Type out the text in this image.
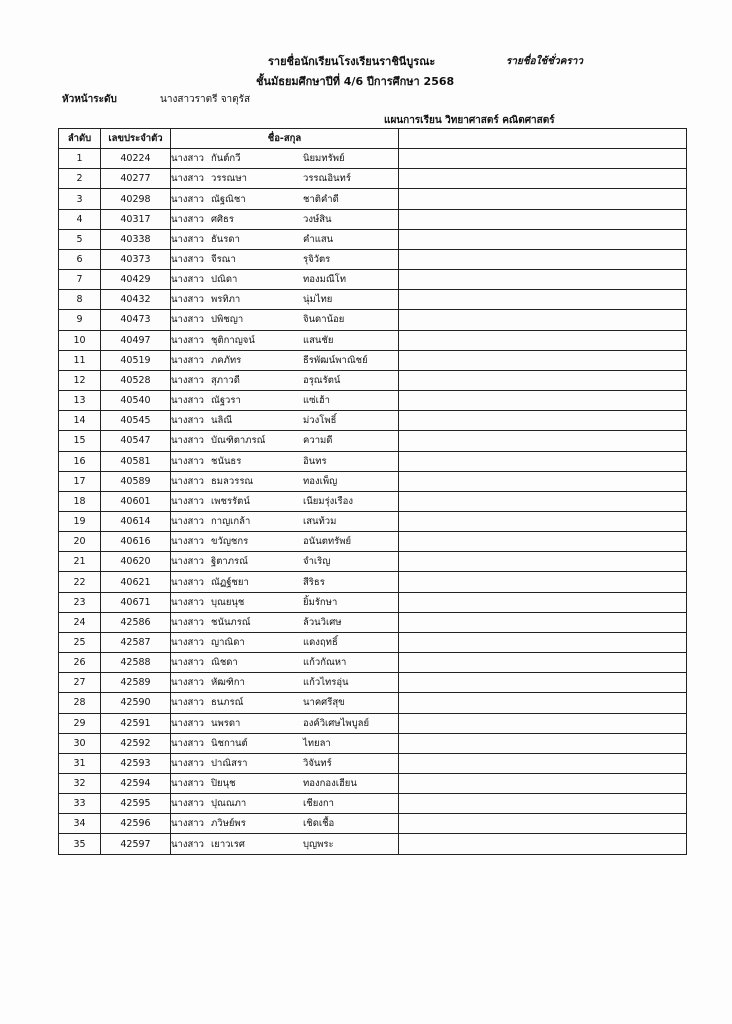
รายชื่อนักเรียนโรงเรียนราชินีบูรณะ	รายชื่อใช้ชั่วคราว
ชั้นมัธยมศึกษาปีที่ 4/6 ปีการศึกษา 2568
หัวหน้าระดับ	นางสาวราตรี จาตุรัส
แผนการเรียน วิทยาศาสตร์ คณิตศาสตร์
ลำดับ	เลขประจำตัว	ชื่อ-สกุล	
1	40224	นางสาว กันต์กวี นิยมทรัพย์	
2	40277	นางสาว วรรณษา วรรณอินทร์	
3	40298	นางสาว ณัฐณิชา ชาติคำดี	
4	40317	นางสาว ศศิธร วงษ์สิน	
5	40338	นางสาว ธันรดา คำแสน	
6	40373	นางสาว จีรณา รุจิวัตร	
7	40429	นางสาว ปณิดา ทองมณีโท	
8	40432	นางสาว พรทิภา นุ่มไทย	
9	40473	นางสาว ปพิชญา จินดาน้อย	
10	40497	นางสาว ชุติกาญจน์ แสนชัย	
11	40519	นางสาว ภคภัทร ธีรพัฒน์พาณิชย์	
12	40528	นางสาว สุภาวดี อรุณรัตน์	
13	40540	นางสาว ณัฐวรา แซ่เฮ้า	
14	40545	นางสาว นลิณี ม่วงโพธิ์	
15	40547	นางสาว บัณฑิตาภรณ์ ความดี	
16	40581	นางสาว ชนันธร อินทร	
17	40589	นางสาว ธมลวรรณ ทองเพ็ญ	
18	40601	นางสาว เพชรรัตน์ เนียมรุ่งเรือง	
19	40614	นางสาว กาญเกล้า เสนท้วม	
20	40616	นางสาว ขวัญชกร อนันตทรัพย์	
21	40620	นางสาว ฐิตาภรณ์ จำเริญ	
22	40621	นางสาว ณัฏฐ์ชยา สีริธร	
23	40671	นางสาว บุณยนุช ยิ้มรักษา	
24	42586	นางสาว ชนันภรณ์ ล้วนวิเศษ	
25	42587	นางสาว ญาณิดา แดงฤทธิ์	
26	42588	นางสาว ณิชดา แก้วกัณหา	
27	42589	นางสาว หัฒฑิกา แก้วไทรอุ่น	
28	42590	นางสาว ธนภรณ์ นาคศรีสุข	
29	42591	นางสาว นพรดา องค์วิเศษไพบูลย์	
30	42592	นางสาว นิชกานต์ ไทยลา	
31	42593	นางสาว ปาณิสรา วิจันทร์	
32	42594	นางสาว ปิยนุช ทองกองเฮียน	
33	42595	นางสาว ปุณณภา เชียงกา	
34	42596	นางสาว ภวิษย์พร เชิดเชื้อ	
35	42597	นางสาว เยาวเรศ บุญพระ	
